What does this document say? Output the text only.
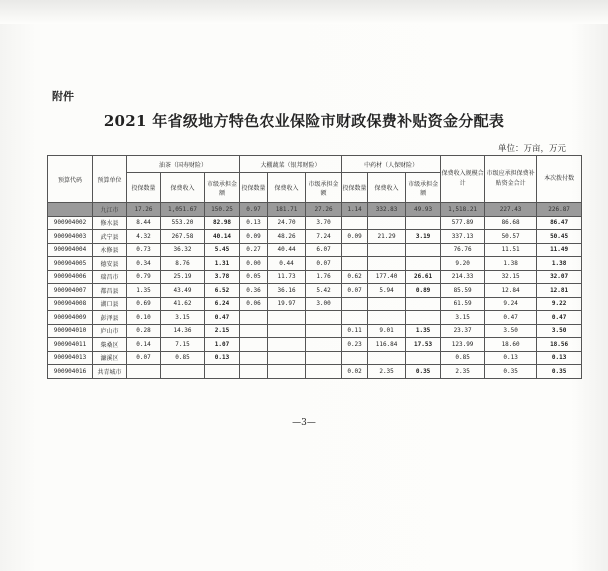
附件
2021 年省级地方特色农业保险市财政保费补贴资金分配表
单位：万亩，万元
预算代码	预算单位	油茶（国寿财险）			大棚蔬菜（银邦财险）			中药材（人保财险）			保费收入规模合计	市级应承担保费补贴资金合计	本次拨付数
		投保数量	保费收入	市级承担金额	投保数量	保费收入	市级承担金额	投保数量	保费收入	市级承担金额			
	九江市	17.26	1,051.67	150.25	0.97	181.71	27.26	1.14	332.83	49.93	1,518.21	227.43	226.87
900904002	修水县	8.44	553.20	82.98	0.13	24.70	3.70				577.89	86.68	86.47
900904003	武宁县	4.32	267.58	40.14	0.09	48.26	7.24	0.09	21.29	3.19	337.13	50.57	50.45
900904004	永修县	0.73	36.32	5.45	0.27	40.44	6.07				76.76	11.51	11.49
900904005	德安县	0.34	8.76	1.31	0.00	0.44	0.07				9.20	1.38	1.38
900904006	瑞昌市	0.79	25.19	3.78	0.05	11.73	1.76	0.62	177.40	26.61	214.33	32.15	32.07
900904007	都昌县	1.35	43.49	6.52	0.36	36.16	5.42	0.07	5.94	0.89	85.59	12.84	12.81
900904008	湖口县	0.69	41.62	6.24	0.06	19.97	3.00				61.59	9.24	9.22
900904009	彭泽县	0.10	3.15	0.47							3.15	0.47	0.47
900904010	庐山市	0.28	14.36	2.15				0.11	9.01	1.35	23.37	3.50	3.50
900904011	柴桑区	0.14	7.15	1.07				0.23	116.84	17.53	123.99	18.60	18.56
900904013	濂溪区	0.07	0.85	0.13							0.85	0.13	0.13
900904016	共青城市							0.02	2.35	0.35	2.35	0.35	0.35
—3—
